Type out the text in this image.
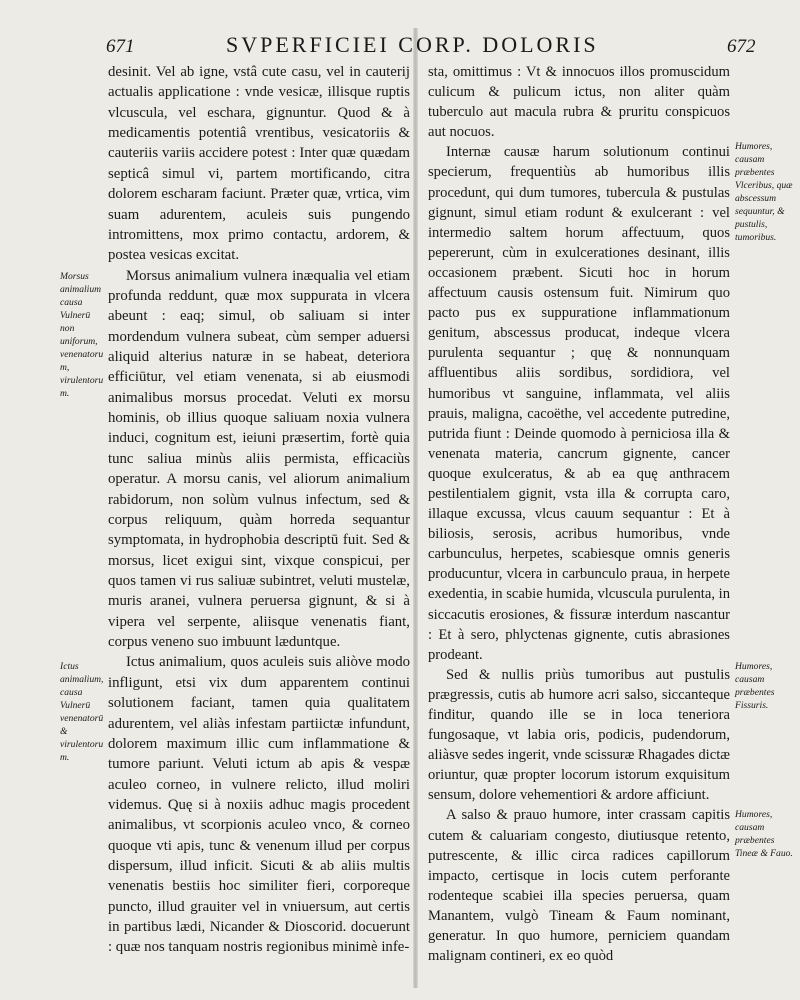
671	SVPERFICIEI CORP. DOLORIS	672

desinit. Vel ab igne, vstâ cute casu, vel in cauterij actualis applicatione : vnde vesicæ, illisque ruptis vlcuscula, vel eschara, gignuntur. Quod & à medicamentis potentiâ vrentibus, vesicatoriis & cauteriis variis accidere potest : Inter quæ quædam septicâ simul vi, partem mortificando, citra dolorem escharam faciunt. Præter quæ, vrtica, vim suam adurentem, aculeis suis pungendo intromittens, mox primo contactu, ardorem, & postea vesicas excitat.

Morsus animalium vulnera inæqualia vel etiam profunda reddunt, quæ mox suppurata in vlcera abeunt : eaq; simul, ob saliuam si inter mordendum vulnera subeat, cùm semper aduersi aliquid alterius naturæ in se habeat, deteriora efficiūtur, vel etiam venenata, si ab eiusmodi animalibus morsus procedat. Veluti ex morsu hominis, ob illius quoque saliuam noxia vulnera induci, cognitum est, ieiuni præsertim, fortè quia tunc saliua minùs aliis permista, efficaciùs operatur. A morsu canis, vel aliorum animalium rabidorum, non solùm vulnus infectum, sed & corpus reliquum, quàm horreda sequantur symptomata, in hydrophobia descriptū fuit. Sed & morsus, licet exigui sint, vixque conspicui, per quos tamen vi rus saliuæ subintret, veluti mustelæ, muris aranei, vulnera peruersa gignunt, & si à vipera vel serpente, aliisque venenatis fiant, corpus veneno suo imbuunt læduntque.

Ictus animalium, quos aculeis suis aliòve modo infligunt, etsi vix dum apparentem continui solutionem faciant, tamen quia qualitatem adurentem, vel aliàs infestam partiictæ infundunt, dolorem maximum illic cum inflammatione & tumore pariunt. Veluti ictum ab apis & vespæ aculeo corneo, in vulnere relicto, illud moliri videmus. Quę si à noxiis adhuc magis procedent animalibus, vt scorpionis aculeo vnco, & corneo quoque vti apis, tunc & venenum illud per corpus dispersum, illud inficit. Sicuti & ab aliis multis venenatis bestiis hoc similiter fieri, corporeque puncto, illud grauiter vel in vniuersum, aut certis in partibus lædi, Nicander & Dioscorid. docuerunt : quæ nos tanquam nostris regionibus minimè infe-

sta, omittimus : Vt & innocuos illos promuscidum culicum & pulicum ictus, non aliter quàm tuberculo aut macula rubra & pruritu conspicuos aut nocuos.

Internæ causæ harum solutionum continui specierum, frequentiùs ab humoribus illis procedunt, qui dum tumores, tubercula & pustulas gignunt, simul etiam rodunt & exulcerant : vel intermedio saltem horum affectuum, quos pepererunt, cùm in exulcerationes desinant, illis occasionem præbent. Sicuti hoc in horum affectuum causis ostensum fuit. Nimirum quo pacto pus ex suppuratione inflammationum genitum, abscessus producat, indeque vlcera purulenta sequantur ; quę & nonnunquam affluentibus aliis sordibus, sordidiora, vel humoribus vt sanguine, inflammata, vel aliis prauis, maligna, cacoëthe, vel accedente putredine, putrida fiunt : Deinde quomodo à perniciosa illa & venenata materia, cancrum gignente, cancer quoque exulceratus, & ab ea quę anthracem pestilentialem gignit, vsta illa & corrupta caro, illaque excussa, vlcus cauum sequantur : Et à biliosis, serosis, acribus humoribus, vnde carbunculus, herpetes, scabiesque omnis generis producuntur, vlcera in carbunculo praua, in herpete exedentia, in scabie humida, vlcuscula purulenta, in siccacutis erosiones, & fissuræ interdum nascantur : Et à sero, phlyctenas gignente, cutis abrasiones prodeant.

Sed & nullis priùs tumoribus aut pustulis prægressis, cutis ab humore acri salso, siccanteque finditur, quando ille se in loca teneriora fungosaque, vt labia oris, podicis, pudendorum, aliàsve sedes ingerit, vnde scissuræ Rhagades dictæ oriuntur, quæ propter locorum istorum exquisitum sensum, dolore vehementiori & ardore afficiunt.

A salso & prauo humore, inter crassam capitis cutem & caluariam congesto, diutiusque retento, putrescente, & illic circa radices capillorum impacto, certisque in locis cutem perforante rodenteque scabiei illa species peruersa, quam Manantem, vulgò Tineam & Faum nominant, generatur. In quo humore, perniciem quandam malignam contineri, ex eo quòd

Morsus animalium causa Vulnerū non uniforum, venenatorum, virulentorum.
Ictus animalium, causa Vulnerū venenatorū & virulentorum.
Humores, causam præbentes Vlceribus, quæ abscessum sequuntur, & pustulis, tumoribus.
Humores, causam præbentes Fissuris.
Humores, causam præbentes Tineæ & Fauo.
